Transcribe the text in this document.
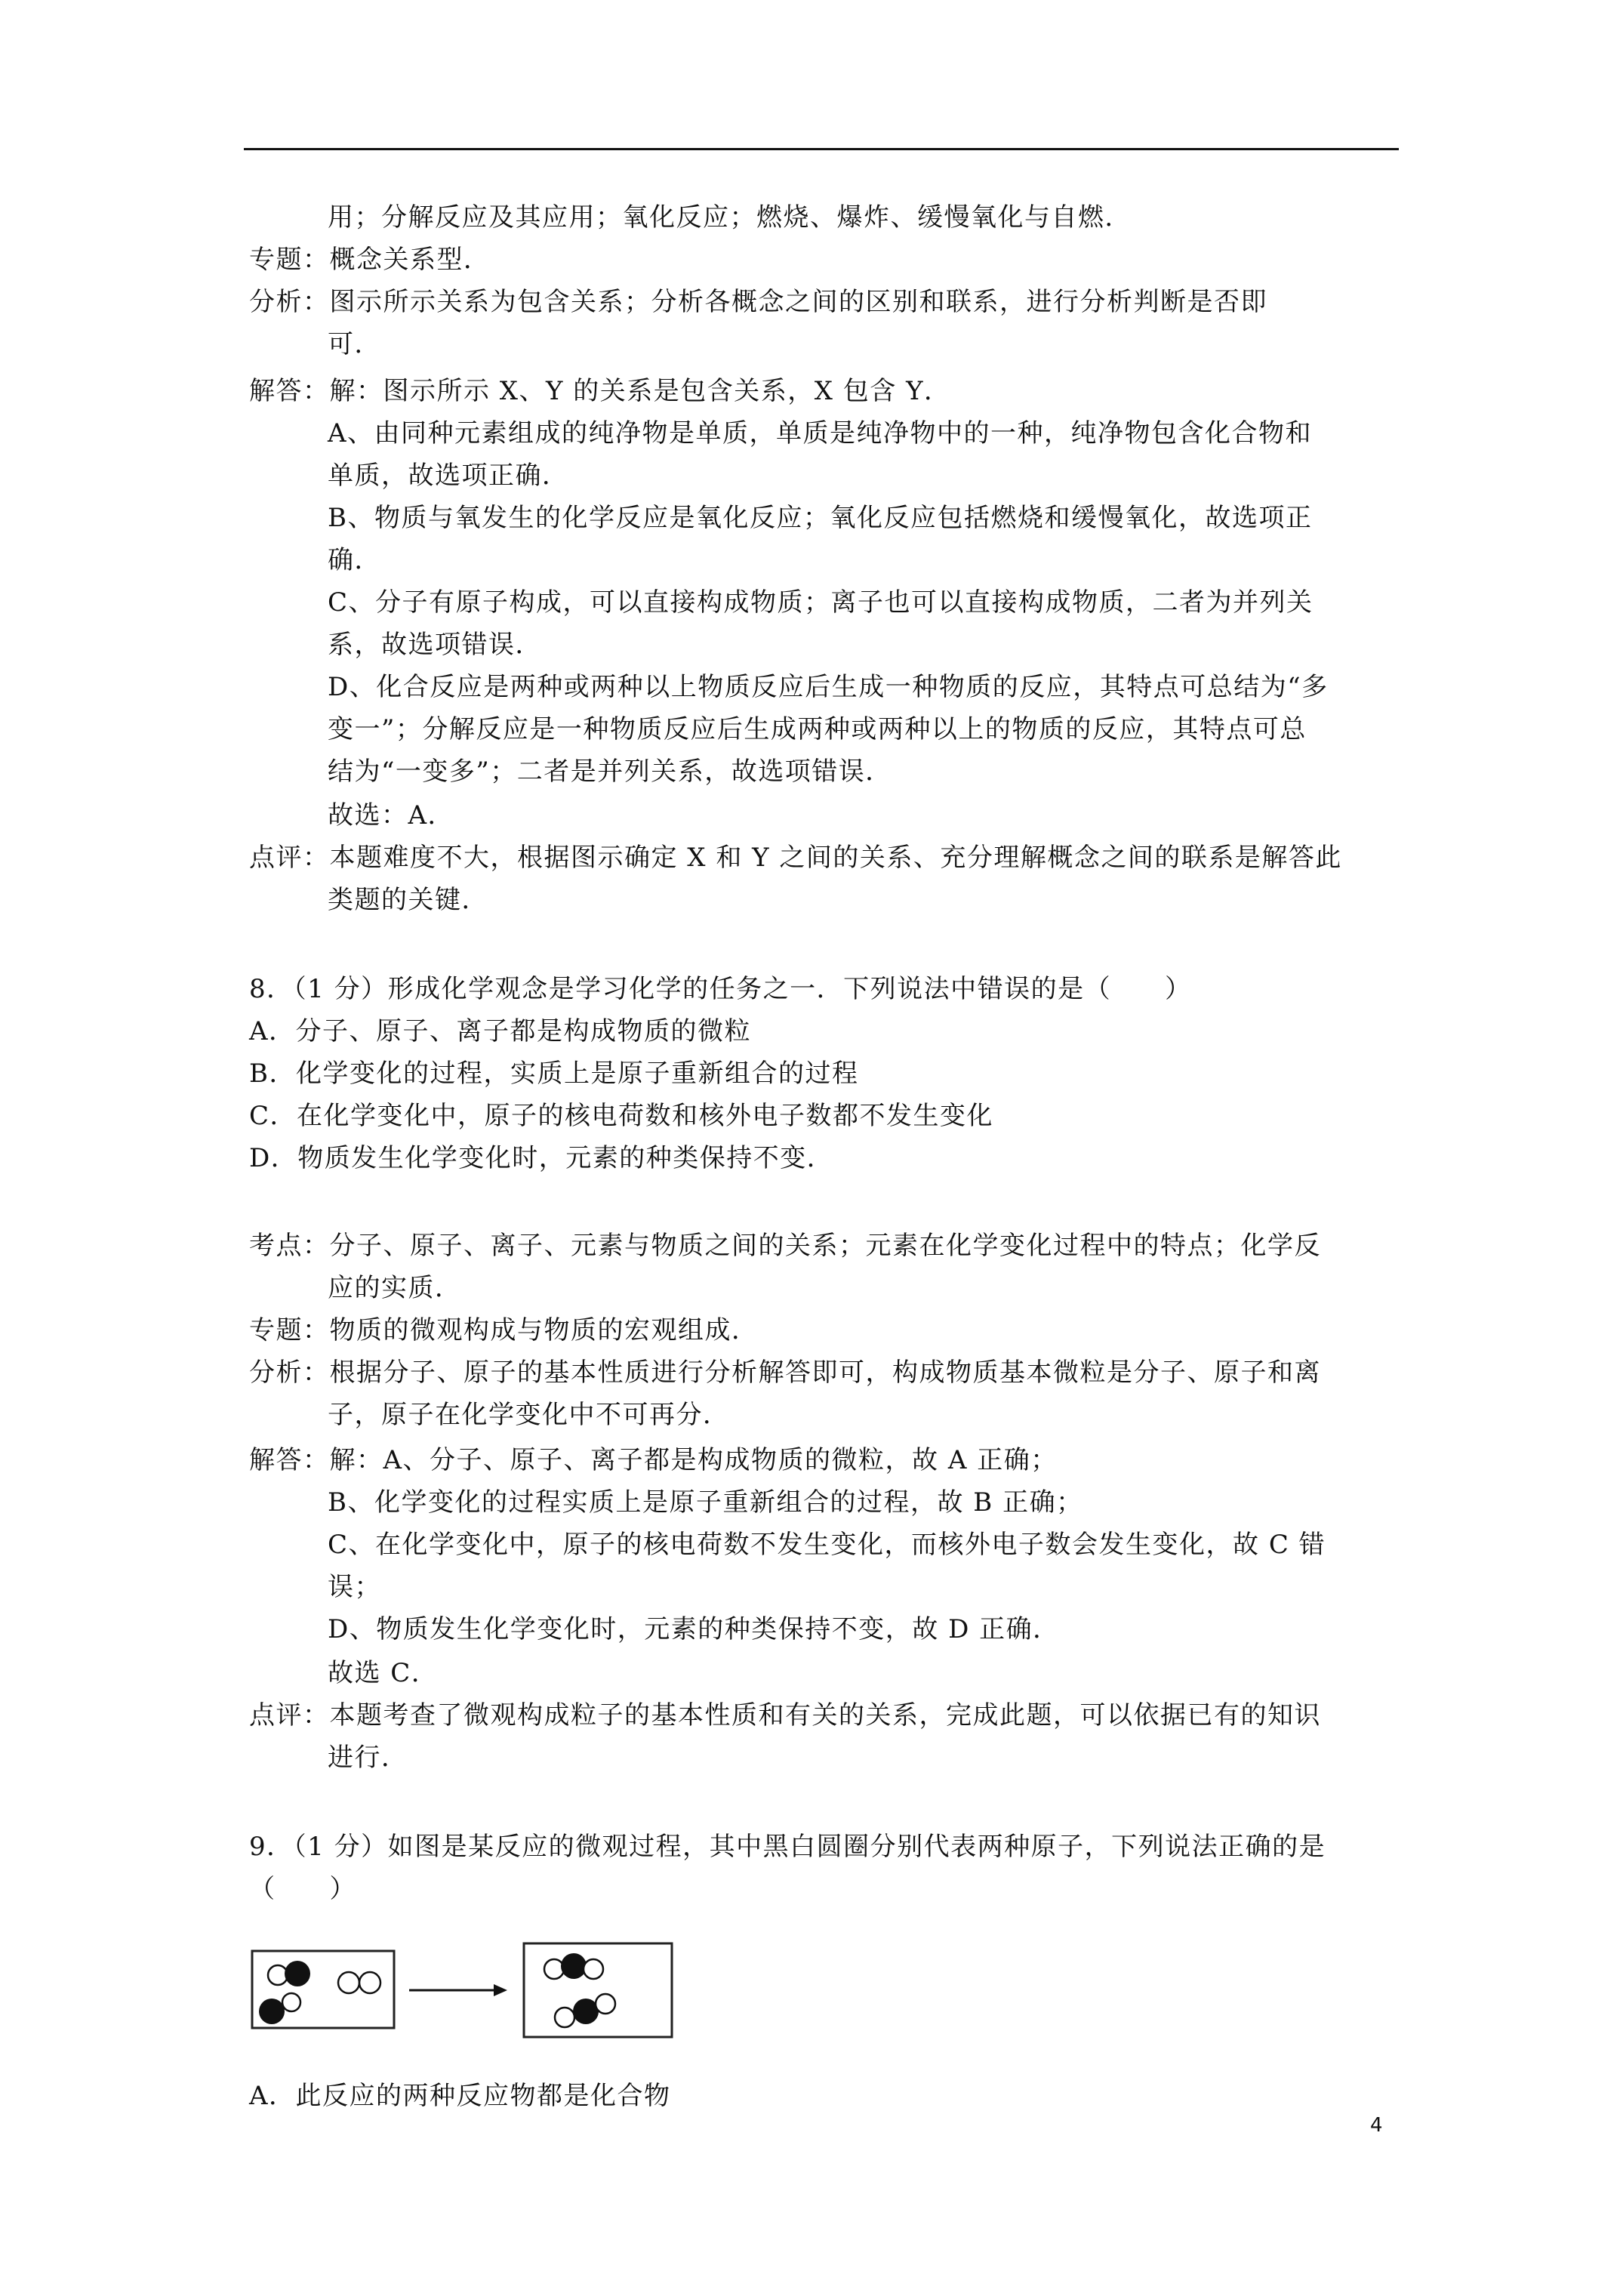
用；分解反应及其应用；氧化反应；燃烧、爆炸、缓慢氧化与自燃．
专题：概念关系型．
分析：图示所示关系为包含关系；分析各概念之间的区别和联系，进行分析判断是否即
可．
解答：解：图示所示 X、Y 的关系是包含关系，X 包含 Y．
A、由同种元素组成的纯净物是单质，单质是纯净物中的一种，纯净物包含化合物和
单质，故选项正确．
B、物质与氧发生的化学反应是氧化反应；氧化反应包括燃烧和缓慢氧化，故选项正
确．
C、分子有原子构成，可以直接构成物质；离子也可以直接构成物质，二者为并列关
系，故选项错误．
D、化合反应是两种或两种以上物质反应后生成一种物质的反应，其特点可总结为“多
变一”；分解反应是一种物质反应后生成两种或两种以上的物质的反应，其特点可总
结为“一变多”；二者是并列关系，故选项错误．
故选：A．
点评：本题难度不大，根据图示确定 X 和 Y 之间的关系、充分理解概念之间的联系是解答此
类题的关键．
8．（1 分）形成化学观念是学习化学的任务之一．下列说法中错误的是（　　）
A．分子、原子、离子都是构成物质的微粒
B．化学变化的过程，实质上是原子重新组合的过程
C．在化学变化中，原子的核电荷数和核外电子数都不发生变化
D．物质发生化学变化时，元素的种类保持不变．
考点：分子、原子、离子、元素与物质之间的关系；元素在化学变化过程中的特点；化学反
应的实质．
专题：物质的微观构成与物质的宏观组成．
分析：根据分子、原子的基本性质进行分析解答即可，构成物质基本微粒是分子、原子和离
子，原子在化学变化中不可再分．
解答：解：A、分子、原子、离子都是构成物质的微粒，故 A 正确；
B、化学变化的过程实质上是原子重新组合的过程，故 B 正确；
C、在化学变化中，原子的核电荷数不发生变化，而核外电子数会发生变化，故 C 错
误；
D、物质发生化学变化时，元素的种类保持不变，故 D 正确．
故选 C．
点评：本题考查了微观构成粒子的基本性质和有关的关系，完成此题，可以依据已有的知识
进行．
9．（1 分）如图是某反应的微观过程，其中黑白圆圈分别代表两种原子，下列说法正确的是
（　　）
A．此反应的两种反应物都是化合物
4
